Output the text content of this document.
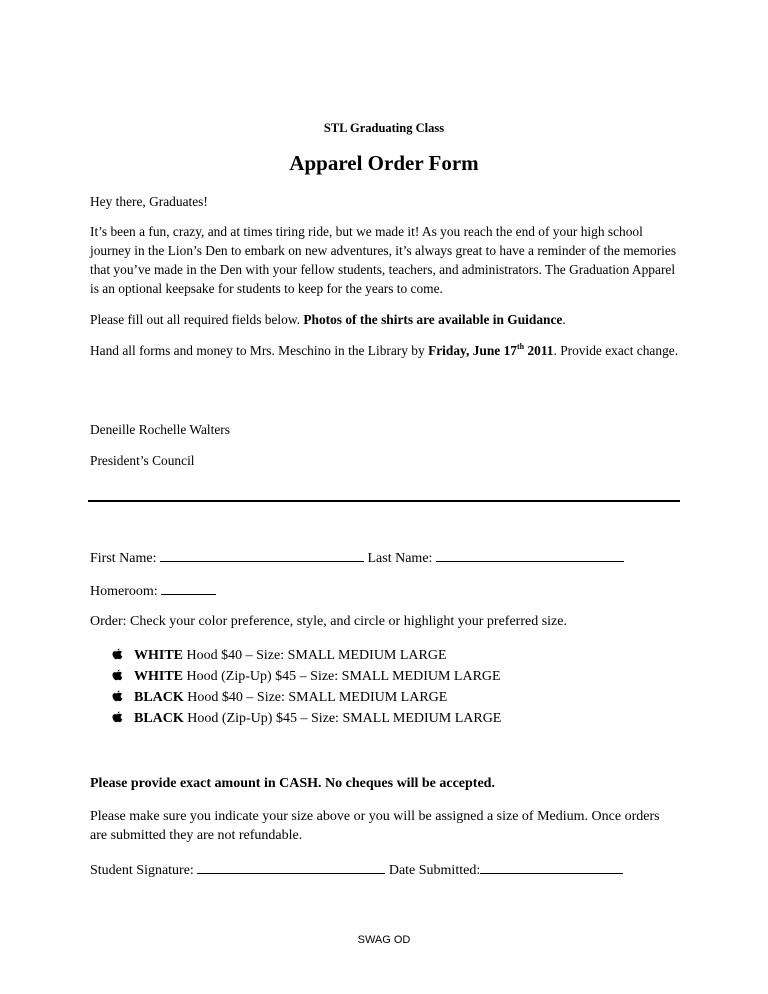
STL Graduating Class
Apparel Order Form
Hey there, Graduates!
It’s been a fun, crazy, and at times tiring ride, but we made it! As you reach the end of your high school journey in the Lion’s Den to embark on new adventures, it’s always great to have a reminder of the memories that you’ve made in the Den with your fellow students, teachers, and administrators. The Graduation Apparel is an optional keepsake for students to keep for the years to come.
Please fill out all required fields below. Photos of the shirts are available in Guidance.
Hand all forms and money to Mrs. Meschino in the Library by Friday, June 17th 2011. Provide exact change.
Deneille Rochelle Walters
President’s Council
First Name:	Last Name:
Homeroom:
Order: Check your color preference, style, and circle or highlight your preferred size.
WHITE Hood $40 – Size: SMALL MEDIUM LARGE
WHITE Hood (Zip-Up) $45 – Size: SMALL MEDIUM LARGE
BLACK Hood $40 – Size: SMALL MEDIUM LARGE
BLACK Hood (Zip-Up) $45 – Size: SMALL MEDIUM LARGE
Please provide exact amount in CASH. No cheques will be accepted.
Please make sure you indicate your size above or you will be assigned a size of Medium. Once orders are submitted they are not refundable.
Student Signature:	Date Submitted:
SWAG OD
